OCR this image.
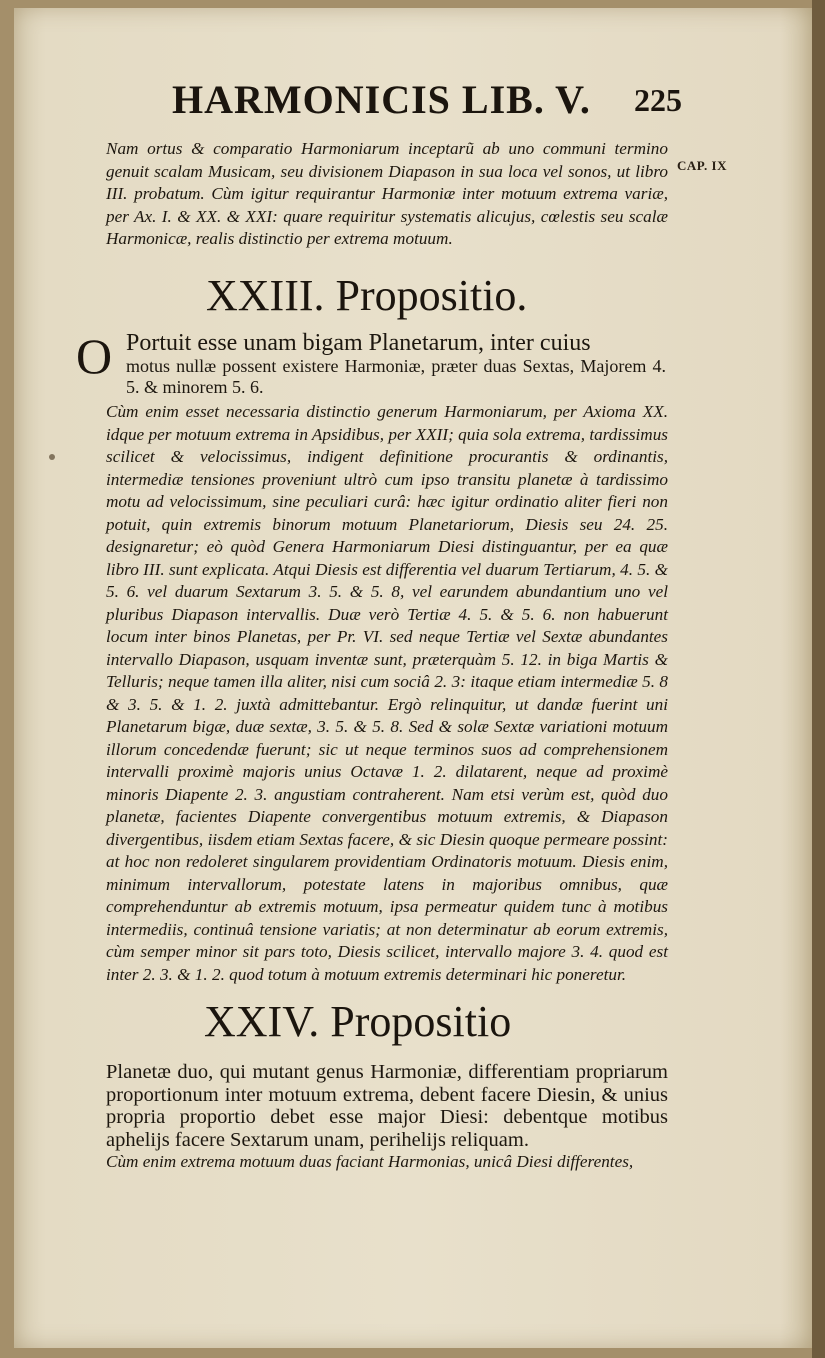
HARMONICIS LIB. V. 225
CAP. IX
Nam ortus & comparatio Harmoniarum inceptarũ ab uno communi termino genuit scalam Musicam, seu divisionem Diapason in sua loca vel sonos, ut libro III. probatum. Cùm igitur requirantur Harmoniæ inter motuum extrema variæ, per Ax. I. & XX. & XXI: quare requiritur systematis alicujus, cœlestis seu scalæ Harmonicæ, realis distinctio per extrema motuum.
XXIII. Propositio.
O Portuit esse unam bigam Planetarum, inter cuius
motus nullæ possent existere Harmoniæ, præter duas Sextas, Majorem 4. 5. & minorem 5. 6.
Cùm enim esset necessaria distinctio generum Harmoniarum, per Axioma XX. idque per motuum extrema in Apsidibus, per XXII; quia sola extrema, tardissimus scilicet & velocissimus, indigent definitione procurantis & ordinantis, intermediæ tensiones proveniunt ultrò cum ipso transitu planetæ à tardissimo motu ad velocissimum, sine peculiari curâ: hæc igitur ordinatio aliter fieri non potuit, quin extremis binorum motuum Planetariorum, Diesis seu 24. 25. designaretur; eò quòd Genera Harmoniarum Diesi distinguantur, per ea quæ libro III. sunt explicata. Atqui Diesis est differentia vel duarum Tertiarum, 4. 5. & 5. 6. vel duarum Sextarum 3. 5. & 5. 8, vel earundem abundantium uno vel pluribus Diapason intervallis. Duæ verò Tertiæ 4. 5. & 5. 6. non habuerunt locum inter binos Planetas, per Pr. VI. sed neque Tertiæ vel Sextæ abundantes intervallo Diapason, usquam inventæ sunt, præterquàm 5. 12. in biga Martis & Telluris; neque tamen illa aliter, nisi cum sociâ 2. 3: itaque etiam intermediæ 5. 8 & 3. 5. & 1. 2. juxtà admittebantur. Ergò relinquitur, ut dandæ fuerint uni Planetarum bigæ, duæ sextæ, 3. 5. & 5. 8. Sed & solæ Sextæ variationi motuum illorum concedendæ fuerunt; sic ut neque terminos suos ad comprehensionem intervalli proximè majoris unius Octavæ 1. 2. dilatarent, neque ad proximè minoris Diapente 2. 3. angustiam contraherent. Nam etsi verùm est, quòd duo planetæ, facientes Diapente convergentibus motuum extremis, & Diapason divergentibus, iisdem etiam Sextas facere, & sic Diesin quoque permeare possint: at hoc non redoleret singularem providentiam Ordinatoris motuum. Diesis enim, minimum intervallorum, potestate latens in majoribus omnibus, quæ comprehenduntur ab extremis motuum, ipsa permeatur quidem tunc à motibus intermediis, continuâ tensione variatis; at non determinatur ab eorum extremis, cùm semper minor sit pars toto, Diesis scilicet, intervallo majore 3. 4. quod est inter 2. 3. & 1. 2. quod totum à motuum extremis determinari hic poneretur.
XXIV. Propositio
Planetæ duo, qui mutant genus Harmoniæ, differentiam propriarum proportionum inter motuum extrema, debent facere Diesin, & unius propria proportio debet esse major Diesi: debentque motibus aphelijs facere Sextarum unam, perihelijs reliquam.
Cùm enim extrema motuum duas faciant Harmonias, unicâ Diesi differentes,
